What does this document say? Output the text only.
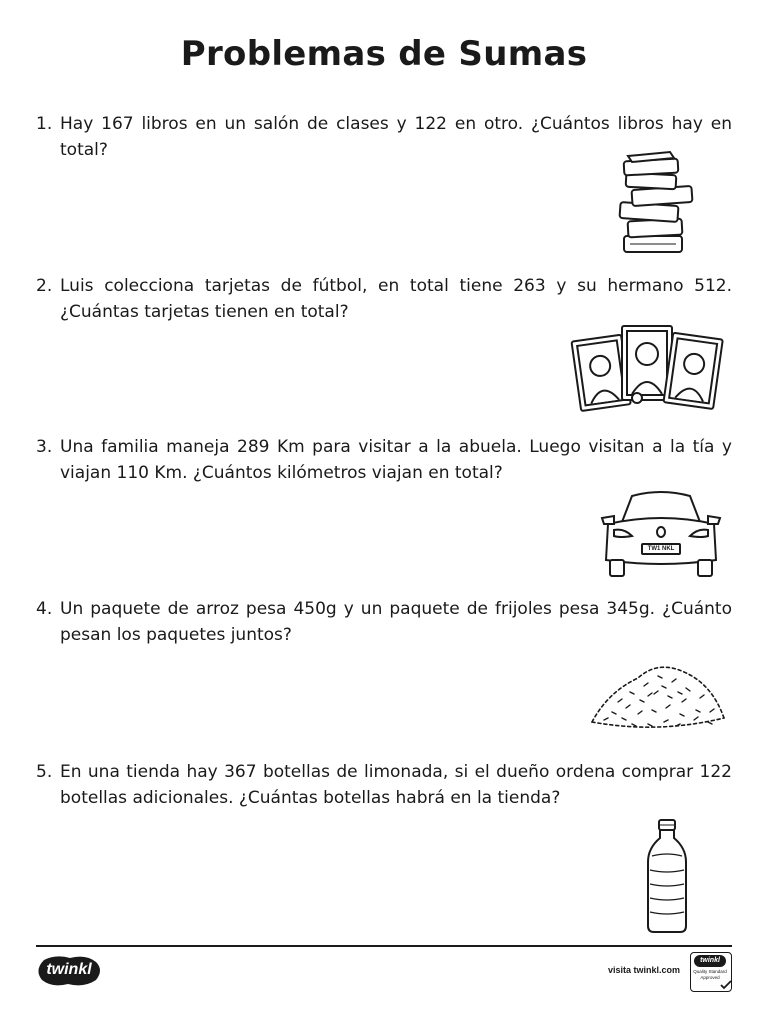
Problemas de Sumas
1. Hay 167 libros en un salón de clases y 122 en otro. ¿Cuántos libros hay en total?
2. Luis colecciona tarjetas de fútbol, en total tiene 263 y su hermano 512. ¿Cuántas tarjetas tienen en total?
3. Una familia maneja 289 Km para visitar a la abuela. Luego visitan a la tía y viajan 110 Km. ¿Cuántos kilómetros viajan en total?
TW1 NKL
4. Un paquete de arroz pesa 450g y un paquete de frijoles pesa 345g. ¿Cuánto pesan los paquetes juntos?
5. En una tienda hay 367 botellas de limonada, si el dueño ordena comprar 122 botellas adicionales. ¿Cuántas botellas habrá en la tienda?
twinkl	visita twinkl.com
twinkl
Quality Standard
Approved
